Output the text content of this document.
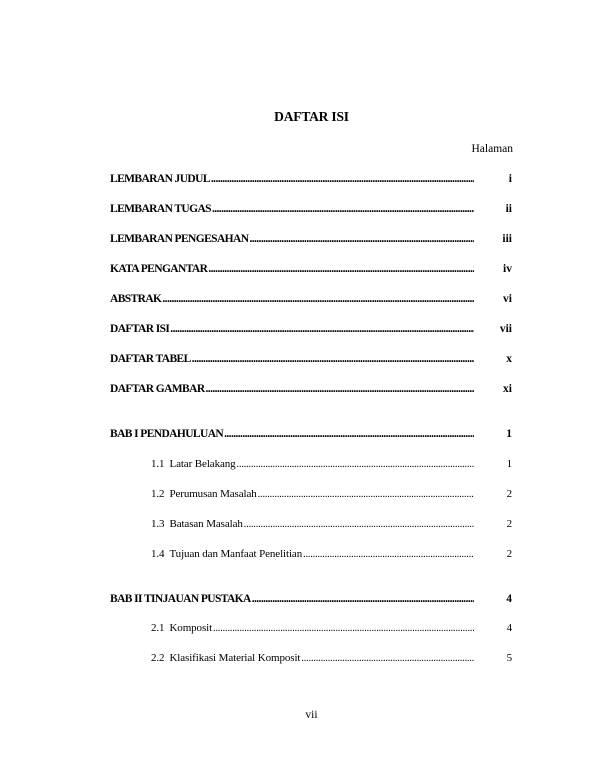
DAFTAR ISI
Halaman
LEMBARAN JUDUL .....	i
LEMBARAN TUGAS .....	ii
LEMBARAN PENGESAHAN .....	iii
KATA PENGANTAR .....	iv
ABSTRAK .....	vi
DAFTAR ISI .....	vii
DAFTAR TABEL .....	x
DAFTAR GAMBAR .....	xi
BAB I PENDAHULUAN .....	1
1.1 Latar Belakang .....	1
1.2 Perumusan Masalah .....	2
1.3 Batasan Masalah .....	2
1.4 Tujuan dan Manfaat Penelitian .....	2
BAB II TINJAUAN PUSTAKA .....	4
2.1 Komposit .....	4
2.2 Klasifikasi Material Komposit .....	5
vii
